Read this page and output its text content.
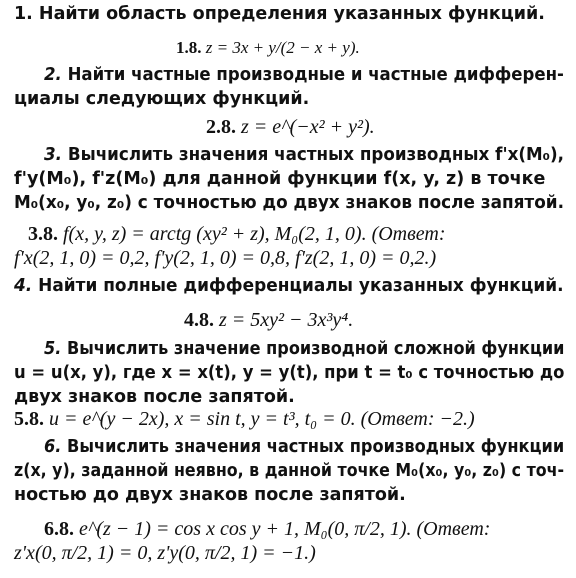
1. Найти область определения указанных функций.
1.8. z = 3x + y/(2 − x + y).
2. Найти частные производные и частные дифферен-
циалы следующих функций.
2.8. z = e^(−x² + y²).
3. Вычислить значения частных производных f'x(M₀),
f'y(M₀), f'z(M₀) для данной функции f(x, y, z) в точке
M₀(x₀, y₀, z₀) с точностью до двух знаков после запятой.
3.8. f(x, y, z) = arctg (xy² + z), M₀(2, 1, 0). (Ответ:
f'x(2, 1, 0) = 0,2, f'y(2, 1, 0) = 0,8, f'z(2, 1, 0) = 0,2.)
4. Найти полные дифференциалы указанных функций.
4.8. z = 5xy² − 3x³y⁴.
5. Вычислить значение производной сложной функции
u = u(x, y), где x = x(t), y = y(t), при t = t₀ с точностью до
двух знаков после запятой.
5.8. u = e^(y − 2x), x = sin t, y = t³, t₀ = 0. (Ответ: −2.)
6. Вычислить значения частных производных функции
z(x, y), заданной неявно, в данной точке M₀(x₀, y₀, z₀) с точ-
ностью до двух знаков после запятой.
6.8. e^(z − 1) = cos x cos y + 1, M₀(0, π/2, 1). (Ответ:
z'x(0, π/2, 1) = 0, z'y(0, π/2, 1) = −1.)
